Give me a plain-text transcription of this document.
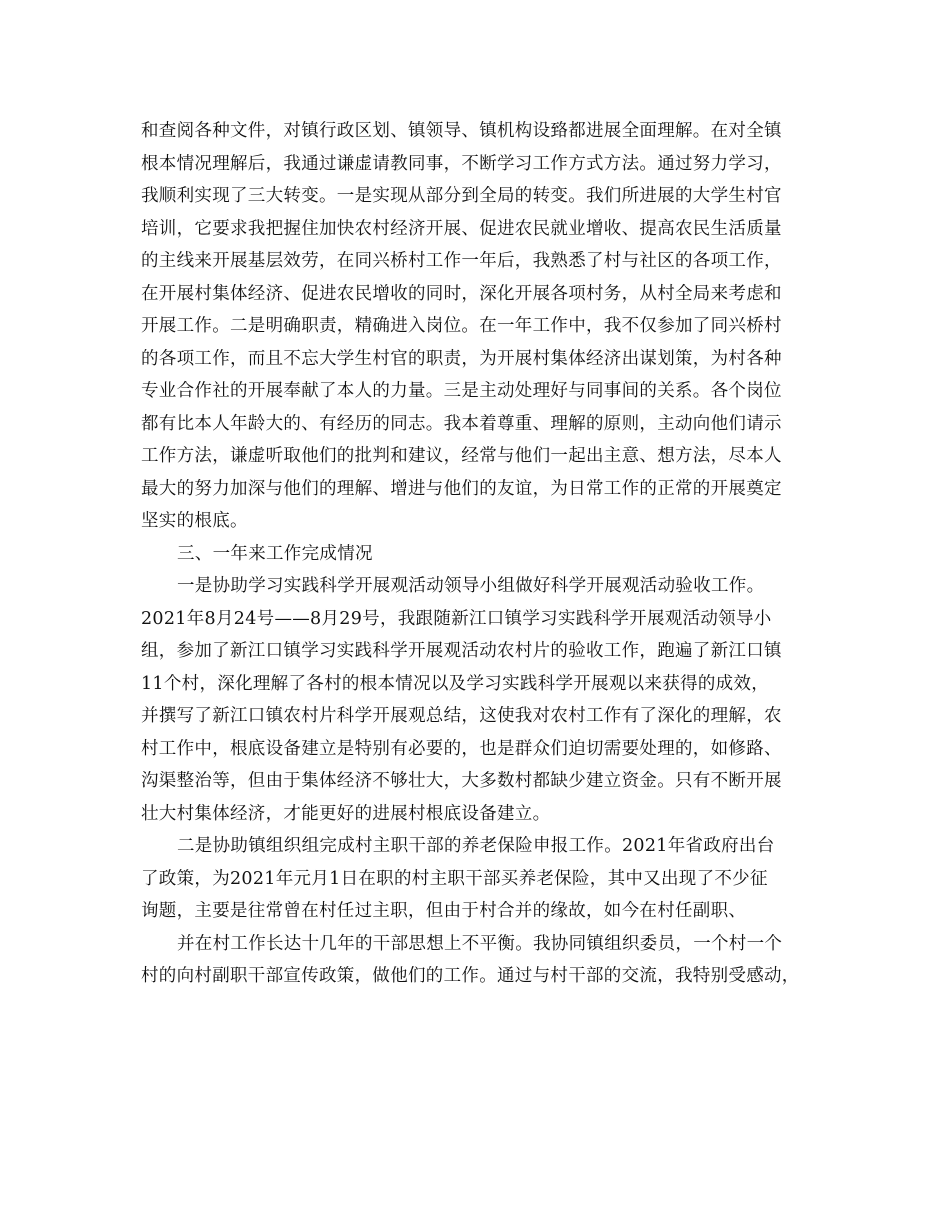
和查阅各种文件，对镇行政区划、镇领导、镇机构设臵都进展全面理解。在对全镇
根本情况理解后，我通过谦虚请教同事，不断学习工作方式方法。通过努力学习，
我顺利实现了三大转变。一是实现从部分到全局的转变。我们所进展的大学生村官
培训，它要求我把握住加快农村经济开展、促进农民就业增收、提高农民生活质量
的主线来开展基层效劳，在同兴桥村工作一年后，我熟悉了村与社区的各项工作，
在开展村集体经济、促进农民增收的同时，深化开展各项村务，从村全局来考虑和
开展工作。二是明确职责，精确进入岗位。在一年工作中，我不仅参加了同兴桥村
的各项工作，而且不忘大学生村官的职责，为开展村集体经济出谋划策，为村各种
专业合作社的开展奉献了本人的力量。三是主动处理好与同事间的关系。各个岗位
都有比本人年龄大的、有经历的同志。我本着尊重、理解的原则，主动向他们请示
工作方法，谦虚听取他们的批判和建议，经常与他们一起出主意、想方法，尽本人
最大的努力加深与他们的理解、增进与他们的友谊，为日常工作的正常的开展奠定
坚实的根底。
三、一年来工作完成情况
一是协助学习实践科学开展观活动领导小组做好科学开展观活动验收工作。
2021年8月24号——8月29号，我跟随新江口镇学习实践科学开展观活动领导小
组，参加了新江口镇学习实践科学开展观活动农村片的验收工作，跑遍了新江口镇
11个村，深化理解了各村的根本情况以及学习实践科学开展观以来获得的成效，
并撰写了新江口镇农村片科学开展观总结，这使我对农村工作有了深化的理解，农
村工作中，根底设备建立是特别有必要的，也是群众们迫切需要处理的，如修路、
沟渠整治等，但由于集体经济不够壮大，大多数村都缺少建立资金。只有不断开展
壮大村集体经济，才能更好的进展村根底设备建立。
二是协助镇组织组完成村主职干部的养老保险申报工作。2021年省政府出台
了政策，为2021年元月1日在职的村主职干部买养老保险，其中又出现了不少征
询题，主要是往常曾在村任过主职，但由于村合并的缘故，如今在村任副职、
并在村工作长达十几年的干部思想上不平衡。我协同镇组织委员，一个村一个
村的向村副职干部宣传政策，做他们的工作。通过与村干部的交流，我特别受感动，
